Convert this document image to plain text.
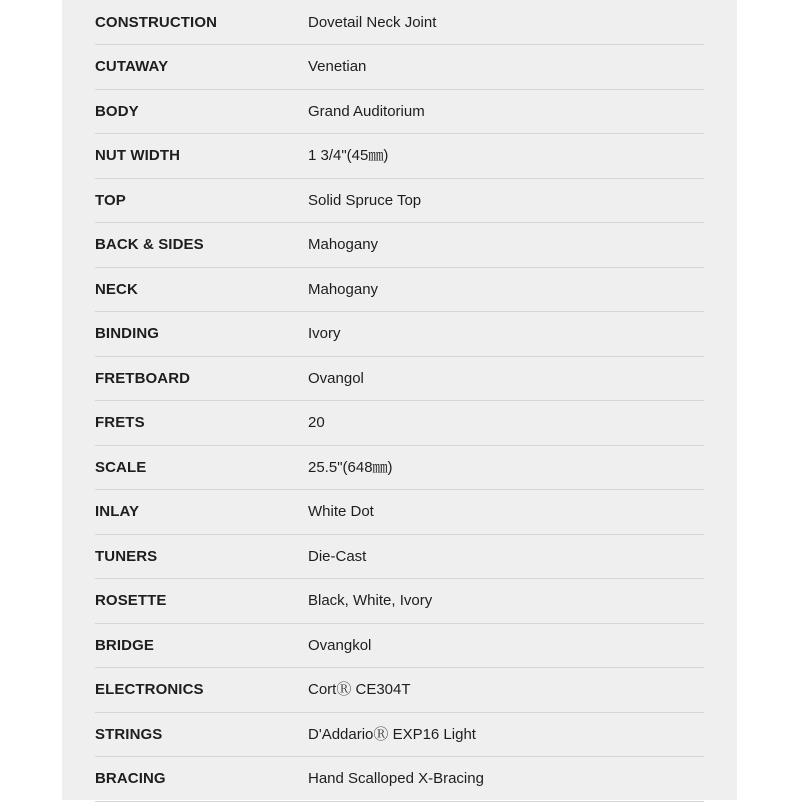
CONSTRUCTION	Dovetail Neck Joint
CUTAWAY	Venetian
BODY	Grand Auditorium
NUT WIDTH	1 3/4"(45㎜)
TOP	Solid Spruce Top
BACK & SIDES	Mahogany
NECK	Mahogany
BINDING	Ivory
FRETBOARD	Ovangol
FRETS	20
SCALE	25.5"(648㎜)
INLAY	White Dot
TUNERS	Die-Cast
ROSETTE	Black, White, Ivory
BRIDGE	Ovangkol
ELECTRONICS	CortⓇ CE304T
STRINGS	D'AddarioⓇ EXP16 Light
BRACING	Hand Scalloped X-Bracing
